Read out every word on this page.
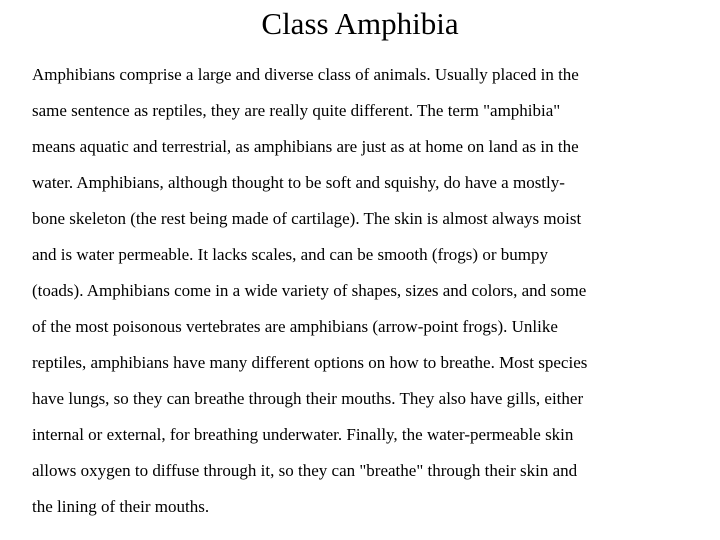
Class Amphibia
Amphibians comprise a large and diverse class of animals. Usually placed in the
same sentence as reptiles, they are really quite different. The term "amphibia"
means aquatic and terrestrial, as amphibians are just as at home on land as in the
water. Amphibians, although thought to be soft and squishy, do have a mostly-
bone skeleton (the rest being made of cartilage). The skin is almost always moist
and is water permeable. It lacks scales, and can be smooth (frogs) or bumpy
(toads). Amphibians come in a wide variety of shapes, sizes and colors, and some
of the most poisonous vertebrates are amphibians (arrow-point frogs). Unlike
reptiles, amphibians have many different options on how to breathe. Most species
have lungs, so they can breathe through their mouths. They also have gills, either
internal or external, for breathing underwater. Finally, the water-permeable skin
allows oxygen to diffuse through it, so they can "breathe" through their skin and
the lining of their mouths.
